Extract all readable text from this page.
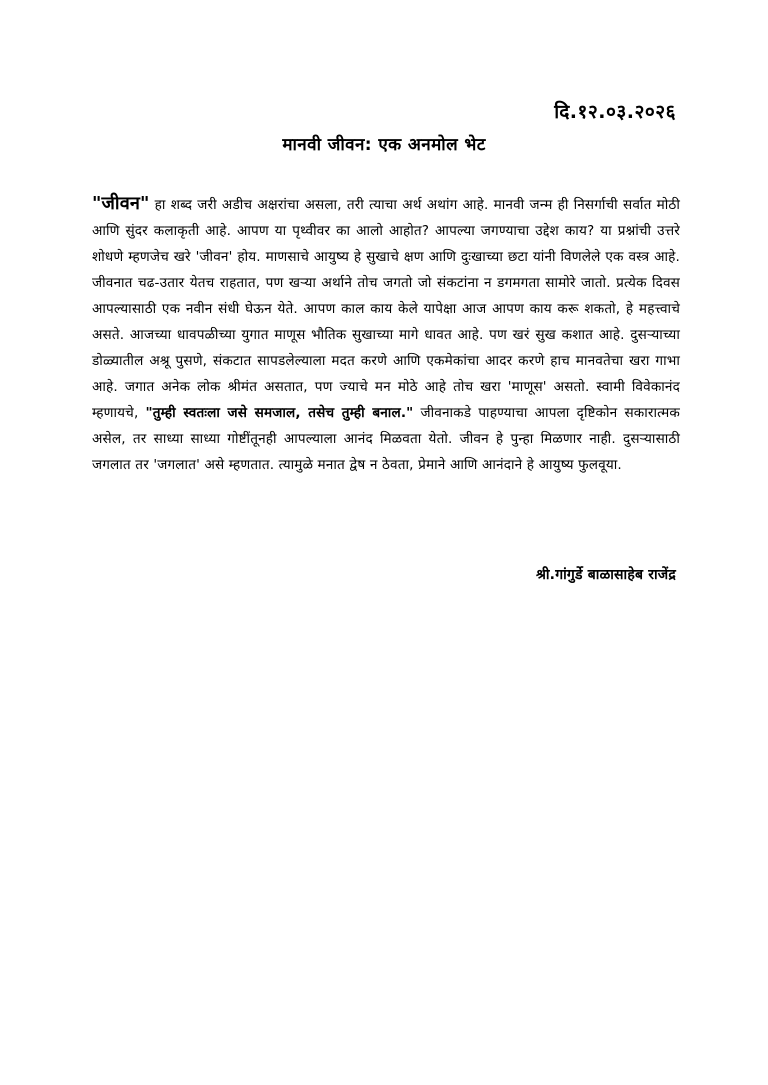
दि.१२.०३.२०२६

मानवी जीवन: एक अनमोल भेट

"जीवन" हा शब्द जरी अडीच अक्षरांचा असला, तरी त्याचा अर्थ अथांग आहे. मानवी जन्म ही निसर्गाची सर्वात मोठी आणि सुंदर कलाकृती आहे. आपण या पृथ्वीवर का आलो आहोत? आपल्या जगण्याचा उद्देश काय? या प्रश्नांची उत्तरे शोधणे म्हणजेच खरे 'जीवन' होय. माणसाचे आयुष्य हे सुखाचे क्षण आणि दुःखाच्या छटा यांनी विणलेले एक वस्त्र आहे. जीवनात चढ-उतार येतच राहतात, पण खऱ्या अर्थाने तोच जगतो जो संकटांना न डगमगता सामोरे जातो. प्रत्येक दिवस आपल्यासाठी एक नवीन संधी घेऊन येते. आपण काल काय केले यापेक्षा आज आपण काय करू शकतो, हे महत्त्वाचे असते. आजच्या धावपळीच्या युगात माणूस भौतिक सुखाच्या मागे धावत आहे. पण खरं सुख कशात आहे. दुसऱ्याच्या डोळ्यातील अश्रू पुसणे, संकटात सापडलेल्याला मदत करणे आणि एकमेकांचा आदर करणे हाच मानवतेचा खरा गाभा आहे. जगात अनेक लोक श्रीमंत असतात, पण ज्याचे मन मोठे आहे तोच खरा 'माणूस' असतो. स्वामी विवेकानंद म्हणायचे, "तुम्ही स्वतःला जसे समजाल, तसेच तुम्ही बनाल." जीवनाकडे पाहण्याचा आपला दृष्टिकोन सकारात्मक असेल, तर साध्या साध्या गोष्टींतूनही आपल्याला आनंद मिळवता येतो. जीवन हे पुन्हा मिळणार नाही. दुसऱ्यासाठी जगलात तर 'जगलात' असे म्हणतात. त्यामुळे मनात द्वेष न ठेवता, प्रेमाने आणि आनंदाने हे आयुष्य फुलवूया.

श्री.गांगुर्डे बाळासाहेब राजेंद्र
